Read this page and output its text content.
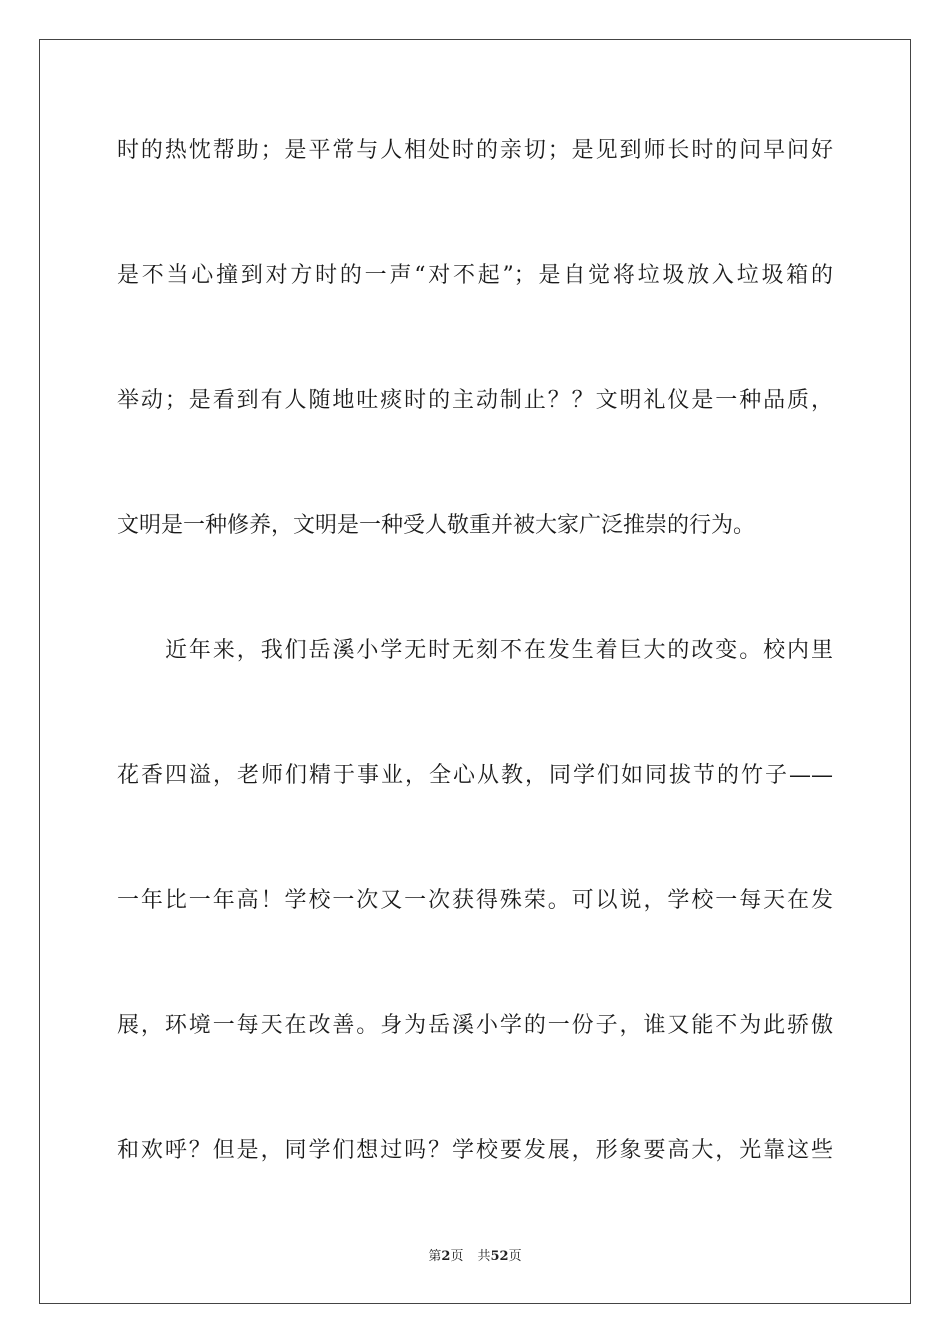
时的热忱帮助；是平常与人相处时的亲切；是见到师长时的问早问好
是不当心撞到对方时的一声“对不起”；是自觉将垃圾放入垃圾箱的
举动；是看到有人随地吐痰时的主动制止？？文明礼仪是一种品质，
文明是一种修养，文明是一种受人敬重并被大家广泛推崇的行为。
近年来，我们岳溪小学无时无刻不在发生着巨大的改变。校内里
花香四溢，老师们精于事业，全心从教，同学们如同拔节的竹子——
一年比一年高！学校一次又一次获得殊荣。可以说，学校一每天在发
展，环境一每天在改善。身为岳溪小学的一份子，谁又能不为此骄傲
和欢呼？但是，同学们想过吗？学校要发展，形象要高大，光靠这些
第2页 共52页
